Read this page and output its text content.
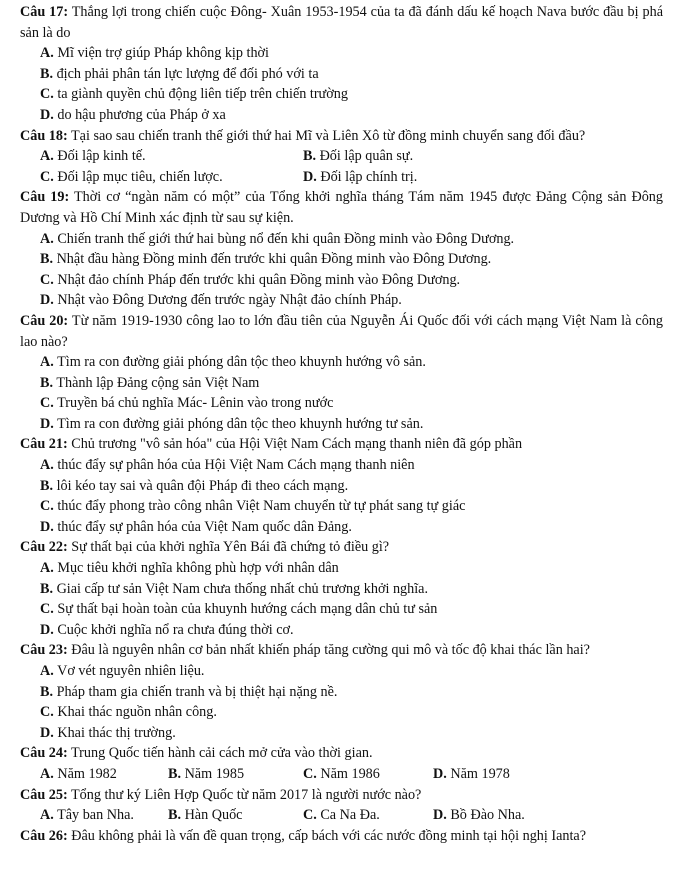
Câu 17: Thắng lợi trong chiến cuộc Đông- Xuân 1953-1954 của ta đã đánh dấu kế hoạch Nava bước đầu bị phá sản là do

A. Mĩ viện trợ giúp Pháp không kịp thời

B. địch phải phân tán lực lượng để đối phó với ta

C. ta giành quyền chủ động liên tiếp trên chiến trường

D. do hậu phương của Pháp ở xa

Câu 18: Tại sao sau chiến tranh thế giới thứ hai Mĩ và Liên Xô từ đồng minh chuyển sang đối đầu?

A. Đối lập kinh tế.	B. Đối lập quân sự.

C. Đối lập mục tiêu, chiến lược.	D. Đối lập chính trị.

Câu 19: Thời cơ “ngàn năm có một” của Tổng khởi nghĩa tháng Tám năm 1945 được Đảng Cộng sản Đông Dương và Hồ Chí Minh xác định từ sau sự kiện.

A. Chiến tranh thế giới thứ hai bùng nổ đến khi quân Đồng minh vào Đông Dương.

B. Nhật đầu hàng Đồng minh đến trước khi quân Đồng minh vào Đông Dương.

C. Nhật đảo chính Pháp đến trước khi quân Đồng minh vào Đông Dương.

D. Nhật vào Đông Dương đến trước ngày Nhật đảo chính Pháp.

Câu 20: Từ năm 1919-1930 công lao to lớn đầu tiên của Nguyễn Ái Quốc đối với cách mạng Việt Nam là công lao nào?

A. Tìm ra con đường giải phóng dân tộc theo khuynh hướng vô sản.

B. Thành lập Đảng cộng sản Việt Nam

C. Truyền bá chủ nghĩa Mác- Lênin vào trong nước

D. Tìm ra con đường giải phóng dân tộc theo khuynh hướng tư sản.

Câu 21: Chủ trương "vô sản hóa" của Hội Việt Nam Cách mạng thanh niên đã góp phần

A. thúc đẩy sự phân hóa của Hội Việt Nam Cách mạng thanh niên

B. lôi kéo tay sai và quân đội Pháp đi theo cách mạng.

C. thúc đẩy phong trào công nhân Việt Nam chuyển từ tự phát sang tự giác

D. thúc đẩy sự phân hóa của Việt Nam quốc dân Đảng.

Câu 22: Sự thất bại của khởi nghĩa Yên Bái đã chứng tỏ điều gì?

A. Mục tiêu khởi nghĩa không phù hợp với nhân dân

B. Giai cấp tư sản Việt Nam chưa thống nhất chủ trương khởi nghĩa.

C. Sự thất bại hoàn toàn của khuynh hướng cách mạng dân chủ tư sản

D. Cuộc khởi nghĩa nổ ra chưa đúng thời cơ.

Câu 23: Đâu là nguyên nhân cơ bản nhất khiến pháp tăng cường qui mô và tốc độ khai thác lần hai?

A. Vơ vét nguyên nhiên liệu.

B. Pháp tham gia chiến tranh và bị thiệt hại nặng nề.

C. Khai thác nguồn nhân công.

D. Khai thác thị trường.

Câu 24: Trung Quốc tiến hành cải cách mở cửa vào thời gian.

A. Năm 1982	B. Năm 1985	C. Năm 1986	D. Năm 1978

Câu 25: Tổng thư ký Liên Hợp Quốc từ năm 2017 là người nước nào?

A. Tây ban Nha.	B. Hàn Quốc	C. Ca Na Đa.	D. Bồ Đào Nha.

Câu 26: Đâu không phải là vấn đề quan trọng, cấp bách với các nước đồng minh tại hội nghị Ianta?
